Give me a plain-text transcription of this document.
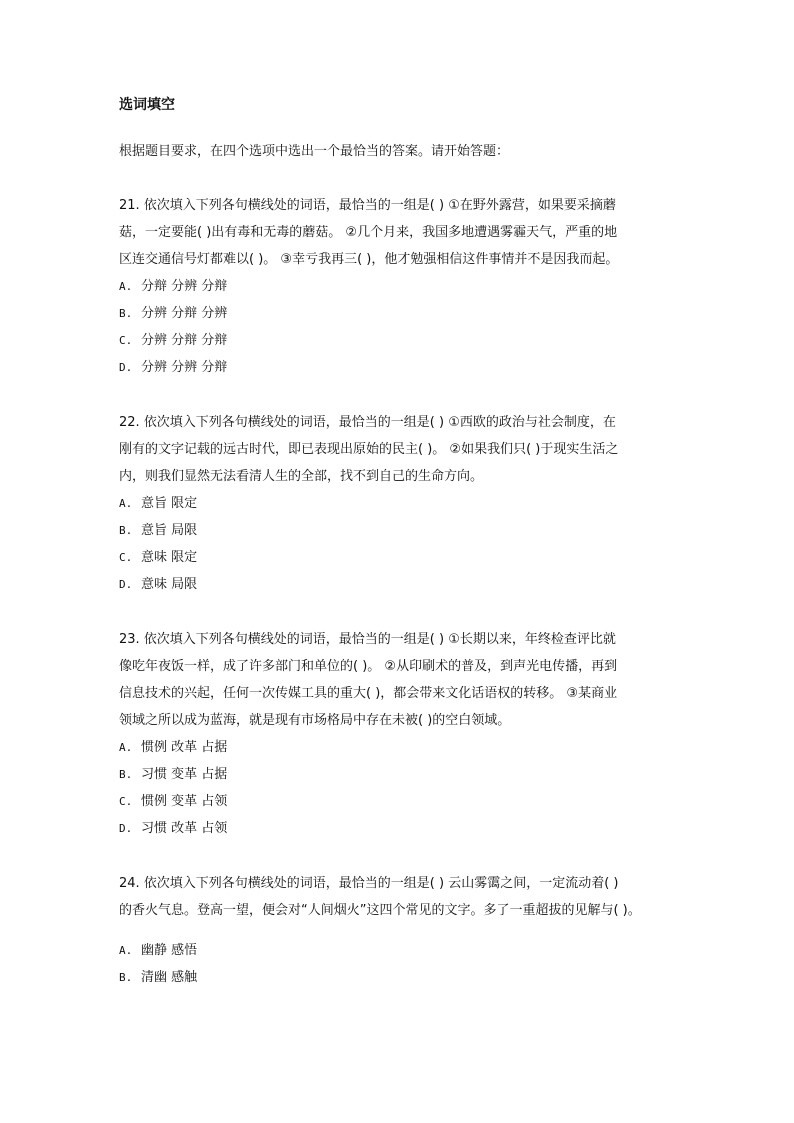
选词填空
根据题目要求，在四个选项中选出一个最恰当的答案。请开始答题：
21. 依次填入下列各句横线处的词语，最恰当的一组是( ) ①在野外露营，如果要采摘蘑
菇，一定要能( )出有毒和无毒的蘑菇。 ②几个月来，我国多地遭遇雾霾天气，严重的地
区连交通信号灯都难以( )。 ③幸亏我再三( )，他才勉强相信这件事情并不是因我而起。
A. 分辩 分辨 分辩
B. 分辨 分辩 分辨
C. 分辨 分辩 分辩
D. 分辨 分辨 分辩
22. 依次填入下列各句横线处的词语，最恰当的一组是( ) ①西欧的政治与社会制度，在
刚有的文字记载的远古时代，即已表现出原始的民主( )。 ②如果我们只( )于现实生活之
内，则我们显然无法看清人生的全部，找不到自己的生命方向。
A. 意旨 限定
B. 意旨 局限
C. 意味 限定
D. 意味 局限
23. 依次填入下列各句横线处的词语，最恰当的一组是( ) ①长期以来，年终检查评比就
像吃年夜饭一样，成了许多部门和单位的( )。 ②从印刷术的普及，到声光电传播，再到
信息技术的兴起，任何一次传媒工具的重大( )，都会带来文化话语权的转移。 ③某商业
领域之所以成为蓝海，就是现有市场格局中存在未被( )的空白领域。
A. 惯例 改革 占据
B. 习惯 变革 占据
C. 惯例 变革 占领
D. 习惯 改革 占领
24. 依次填入下列各句横线处的词语，最恰当的一组是( ) 云山雾霭之间，一定流动着( )
的香火气息。登高一望，便会对“人间烟火”这四个常见的文字。多了一重超拔的见解与( )。
A. 幽静 感悟
B. 清幽 感触
